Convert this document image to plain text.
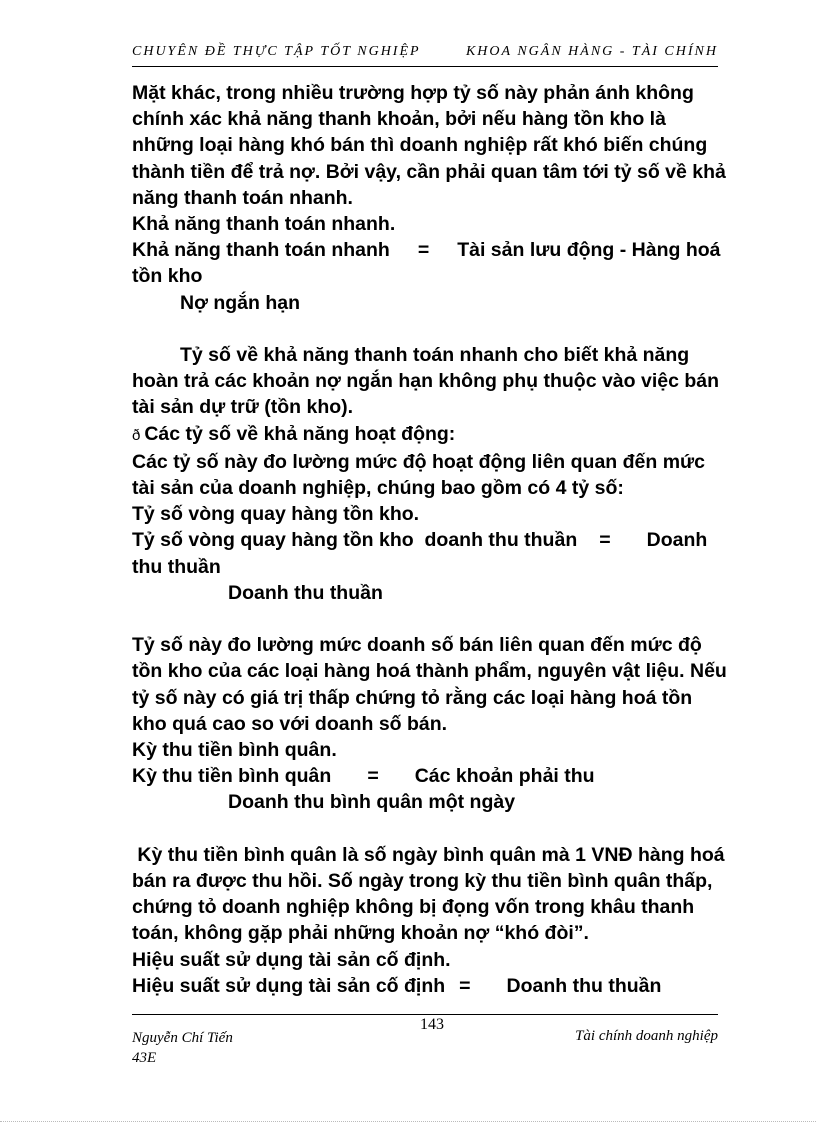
CHUYÊN ĐỀ THỰC TẬP TỐT NGHIỆP	KHOA NGÂN HÀNG - TÀI CHÍNH

Mặt khác, trong nhiều trường hợp tỷ số này phản ánh không chính xác khả năng thanh khoản, bởi nếu hàng tồn kho là những loại hàng khó bán thì doanh nghiệp rất khó biến chúng thành tiền để trả nợ. Bởi vậy, cần phải quan tâm tới tỷ số về khả năng thanh toán nhanh.

Khả năng thanh toán nhanh.

Khả năng thanh toán nhanh = Tài sản lưu động - Hàng hoá tồn kho

Nợ ngắn hạn

Tỷ số về khả năng thanh toán nhanh cho biết khả năng hoàn trả các khoản nợ ngắn hạn không phụ thuộc vào việc bán tài sản dự trữ (tồn kho).

ð Các tỷ số về khả năng hoạt động:

Các tỷ số này đo lường mức độ hoạt động liên quan đến mức tài sản của doanh nghiệp, chúng bao gồm có 4 tỷ số:

Tỷ số vòng quay hàng tồn kho.

Tỷ số vòng quay hàng tồn kho  doanh thu thuần = Doanh thu thuần

Doanh thu thuần

Tỷ số này đo lường mức doanh số bán liên quan đến mức độ tồn kho của các loại hàng hoá thành phẩm, nguyên vật liệu. Nếu tỷ số này có giá trị thấp chứng tỏ rằng các loại hàng hoá tồn kho quá cao so với doanh số bán.

Kỳ thu tiền bình quân.

Kỳ thu tiền bình quân = Các khoản phải thu

Doanh thu bình quân một ngày

Kỳ thu tiền bình quân là số ngày bình quân mà 1 VNĐ hàng hoá bán ra được thu hồi. Số ngày trong kỳ thu tiền bình quân thấp, chứng tỏ doanh nghiệp không bị đọng vốn trong khâu thanh toán, không gặp phải những khoản nợ “khó đòi”.

Hiệu suất sử dụng tài sản cố định.

Hiệu suất sử dụng tài sản cố định = Doanh thu thuần

Nguyễn Chí Tiến
43E
143
Tài chính doanh nghiệp
